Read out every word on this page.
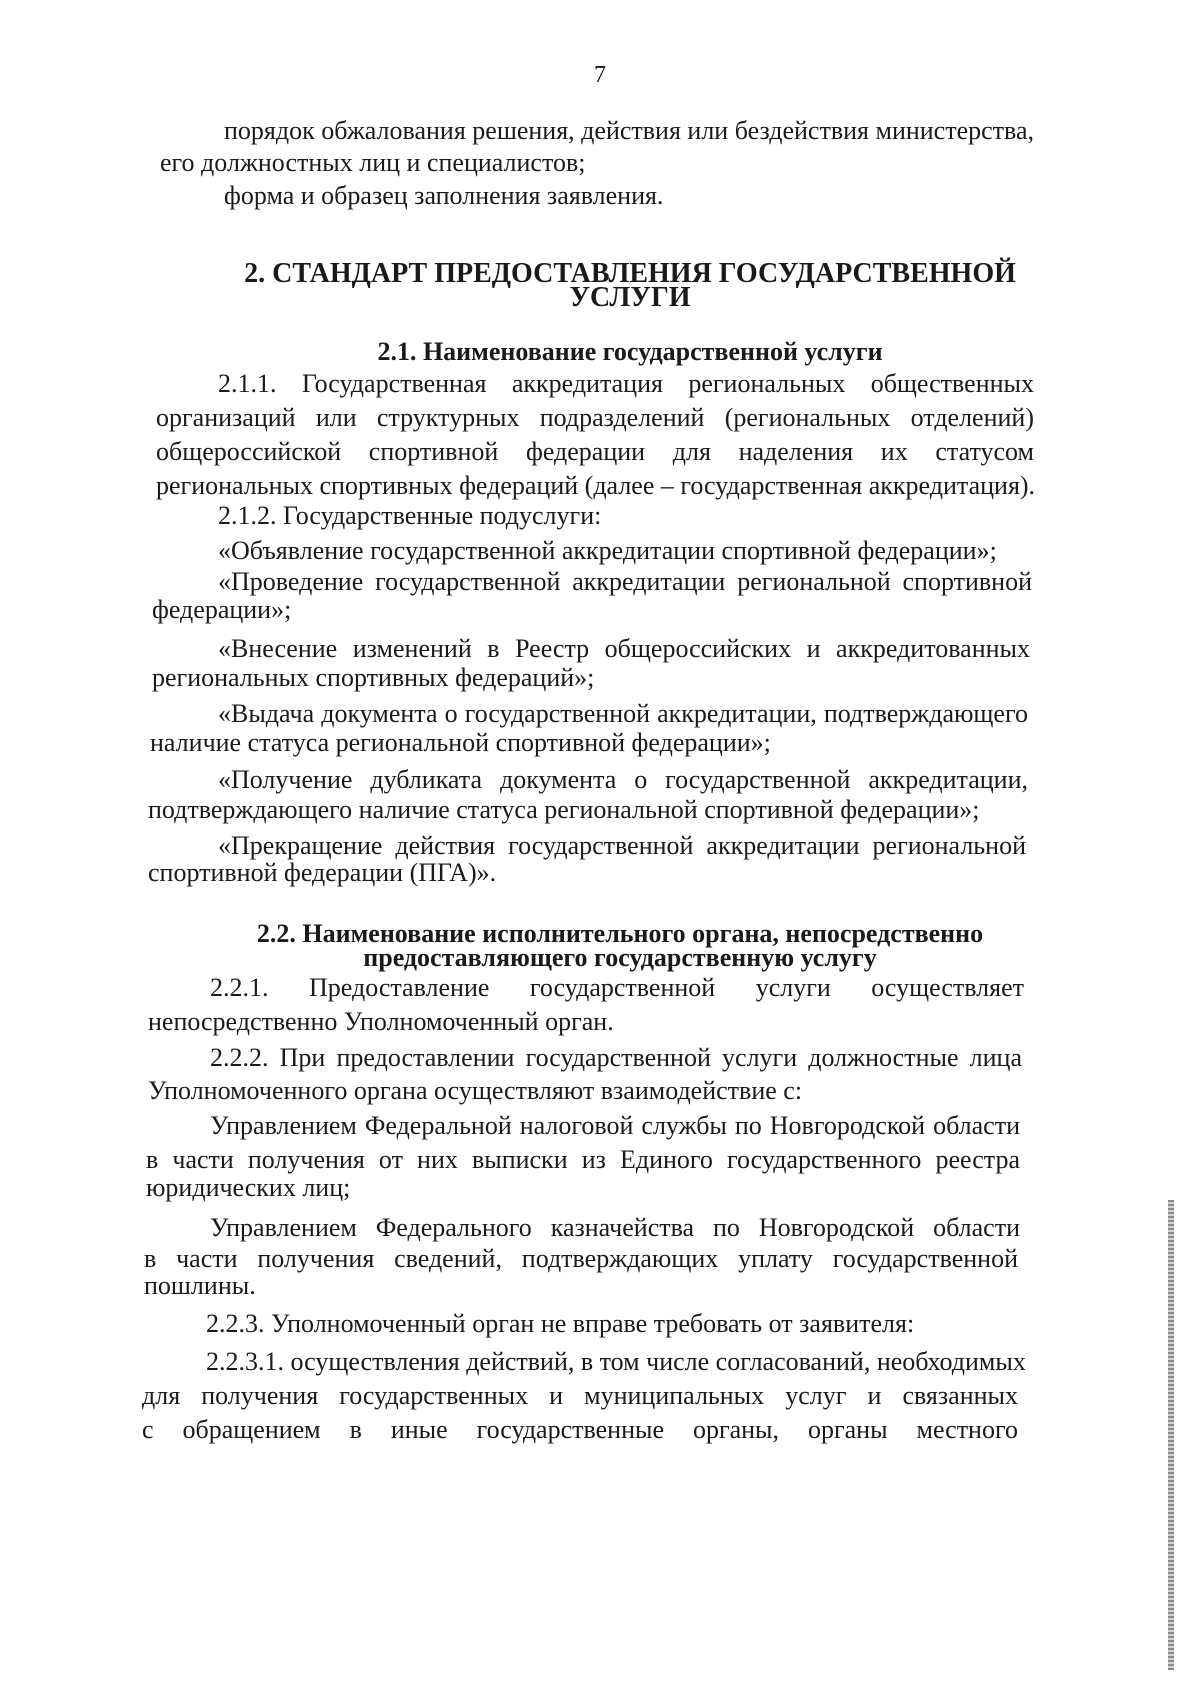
7
порядок обжалования решения, действия или бездействия министерства,
его должностных лиц и специалистов;
форма и образец заполнения заявления.
2. СТАНДАРТ ПРЕДОСТАВЛЕНИЯ ГОСУДАРСТВЕННОЙ
УСЛУГИ
2.1. Наименование государственной услуги
2.1.1. Государственная аккредитация региональных общественных
организаций или структурных подразделений (региональных отделений)
общероссийской спортивной федерации для наделения их статусом
региональных спортивных федераций (далее – государственная аккредитация).
2.1.2. Государственные подуслуги:
«Объявление государственной аккредитации спортивной федерации»;
«Проведение государственной аккредитации региональной спортивной
федерации»;
«Внесение изменений в Реестр общероссийских и аккредитованных
региональных спортивных федераций»;
«Выдача документа о государственной аккредитации, подтверждающего
наличие статуса региональной спортивной федерации»;
«Получение дубликата документа о государственной аккредитации,
подтверждающего наличие статуса региональной спортивной федерации»;
«Прекращение действия государственной аккредитации региональной
спортивной федерации (ПГА)».
2.2. Наименование исполнительного органа, непосредственно
предоставляющего государственную услугу
2.2.1. Предоставление государственной услуги осуществляет
непосредственно Уполномоченный орган.
2.2.2. При предоставлении государственной услуги должностные лица
Уполномоченного органа осуществляют взаимодействие с:
Управлением Федеральной налоговой службы по Новгородской области
в части получения от них выписки из Единого государственного реестра
юридических лиц;
Управлением Федерального казначейства по Новгородской области
в части получения сведений, подтверждающих уплату государственной
пошлины.
2.2.3. Уполномоченный орган не вправе требовать от заявителя:
2.2.3.1. осуществления действий, в том числе согласований, необходимых
для получения государственных и муниципальных услуг и связанных
с обращением в иные государственные органы, органы местного
